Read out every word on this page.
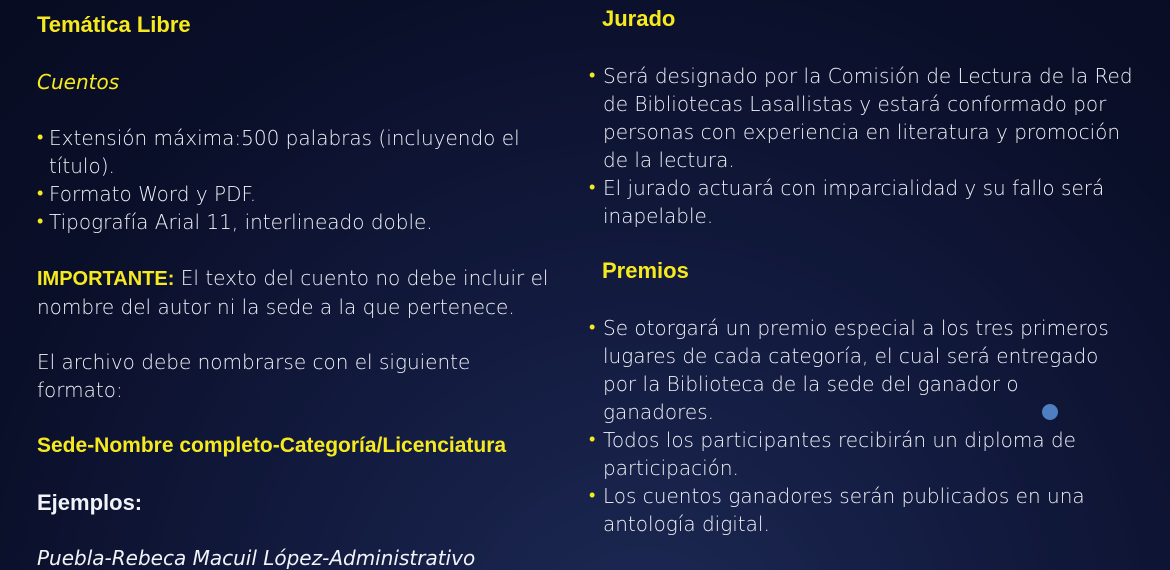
Temática Libre
Cuentos
• Extensión máxima:500 palabras (incluyendo el título).
• Formato Word y PDF.
• Tipografía Arial 11, interlineado doble.
IMPORTANTE: El texto del cuento no debe incluir el nombre del autor ni la sede a la que pertenece.
El archivo debe nombrarse con el siguiente formato:
Sede-Nombre completo-Categoría/Licenciatura
Ejemplos:
Puebla-Rebeca Macuil López-Administrativo
Jurado
• Será designado por la Comisión de Lectura de la Red de Bibliotecas Lasallistas y estará conformado por personas con experiencia en literatura y promoción de la lectura.
• El jurado actuará con imparcialidad y su fallo será inapelable.
Premios
• Se otorgará un premio especial a los tres primeros lugares de cada categoría, el cual será entregado por la Biblioteca de la sede del ganador o ganadores.
• Todos los participantes recibirán un diploma de participación.
• Los cuentos ganadores serán publicados en una antología digital.
